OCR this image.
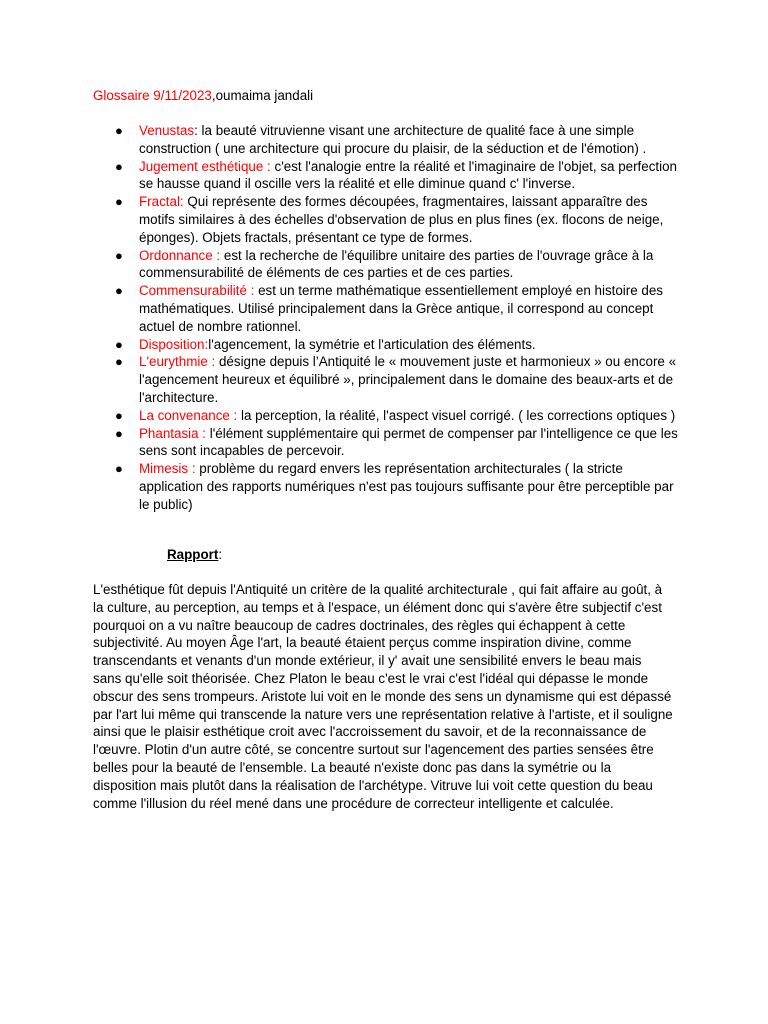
Glossaire 9/11/2023,oumaima jandali
● Venustas: la beauté vitruvienne visant une architecture de qualité face à une simple construction ( une architecture qui procure du plaisir, de la séduction et de l'émotion) .
● Jugement esthétique : c'est l'analogie entre la réalité et l'imaginaire de l'objet, sa perfection se hausse quand il oscille vers la réalité et elle diminue quand c' l'inverse.
● Fractal: Qui représente des formes découpées, fragmentaires, laissant apparaître des motifs similaires à des échelles d'observation de plus en plus fines (ex. flocons de neige, éponges). Objets fractals, présentant ce type de formes.
● Ordonnance : est la recherche de l'équilibre unitaire des parties de l'ouvrage grâce à la commensurabilité de éléments de ces parties et de ces parties.
● Commensurabilité : est un terme mathématique essentiellement employé en histoire des mathématiques. Utilisé principalement dans la Grèce antique, il correspond au concept actuel de nombre rationnel.
● Disposition:l'agencement, la symétrie et l'articulation des éléments.
● L'eurythmie : désigne depuis l’Antiquité le « mouvement juste et harmonieux » ou encore « l'agencement heureux et équilibré », principalement dans le domaine des beaux-arts et de l'architecture.
● La convenance : la perception, la réalité, l'aspect visuel corrigé. ( les corrections optiques )
● Phantasia : l'élément supplémentaire qui permet de compenser par l'intelligence ce que les sens sont incapables de percevoir.
● Mimesis : problème du regard envers les représentation architecturales ( la stricte application des rapports numériques n'est pas toujours suffisante pour être perceptible par le public)
Rapport:

L'esthétique fût depuis l'Antiquité un critère de la qualité architecturale , qui fait affaire au goût, à la culture, au perception, au temps et à l'espace, un élément donc qui s'avère être subjectif c'est pourquoi on a vu naître beaucoup de cadres doctrinales, des règles qui échappent à cette subjectivité. Au moyen Âge l'art, la beauté étaient perçus comme inspiration divine, comme transcendants et venants d'un monde extérieur, il y' avait une sensibilité envers le beau mais sans qu'elle soit théorisée. Chez Platon le beau c'est le vrai c'est l'idéal qui dépasse le monde obscur des sens trompeurs. Aristote lui voit en le monde des sens un dynamisme qui est dépassé par l'art lui même qui transcende la nature vers une représentation relative à l'artiste, et il souligne ainsi que le plaisir esthétique croit avec l'accroissement du savoir, et de la reconnaissance de l'œuvre. Plotin d'un autre côté, se concentre surtout sur l'agencement des parties sensées être belles pour la beauté de l'ensemble. La beauté n'existe donc pas dans la symétrie ou la disposition mais plutôt dans la réalisation de l'archétype. Vitruve lui voit cette question du beau comme l'illusion du réel mené dans une procédure de correcteur intelligente et calculée.
